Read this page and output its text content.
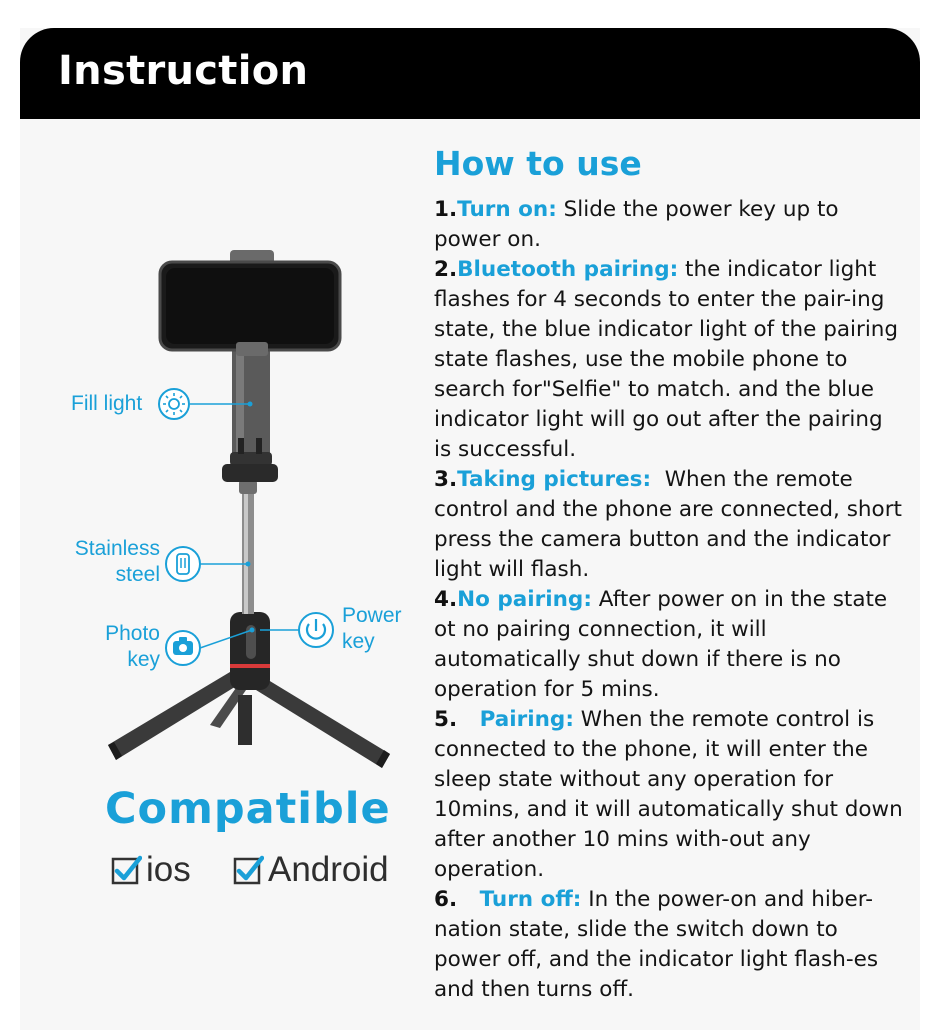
Instruction
Fill light
Stainless
steel
Photo
key
Power
key
Compatible
ios Android
How to use

1.Turn on: Slide the power key up to power on.

2.Bluetooth pairing: the indicator light flashes for 4 seconds to enter the pair-ing state, the blue indicator light of the pairing state flashes, use the mobile phone to search for"Selfie" to match. and the blue indicator light will go out after the pairing is successful.

3.Taking pictures:  When the remote control and the phone are connected, short press the camera button and the indicator light will flash.

4.No pairing: After power on in the state ot no pairing connection, it will automatically shut down if there is no operation for 5 mins.

5.   Pairing: When the remote control is connected to the phone, it will enter the sleep state without any operation for 10mins, and it will automatically shut down after another 10 mins with-out any operation.

6.   Turn off: In the power-on and hiber-nation state, slide the switch down to power off, and the indicator light flash-es and then turns off.
